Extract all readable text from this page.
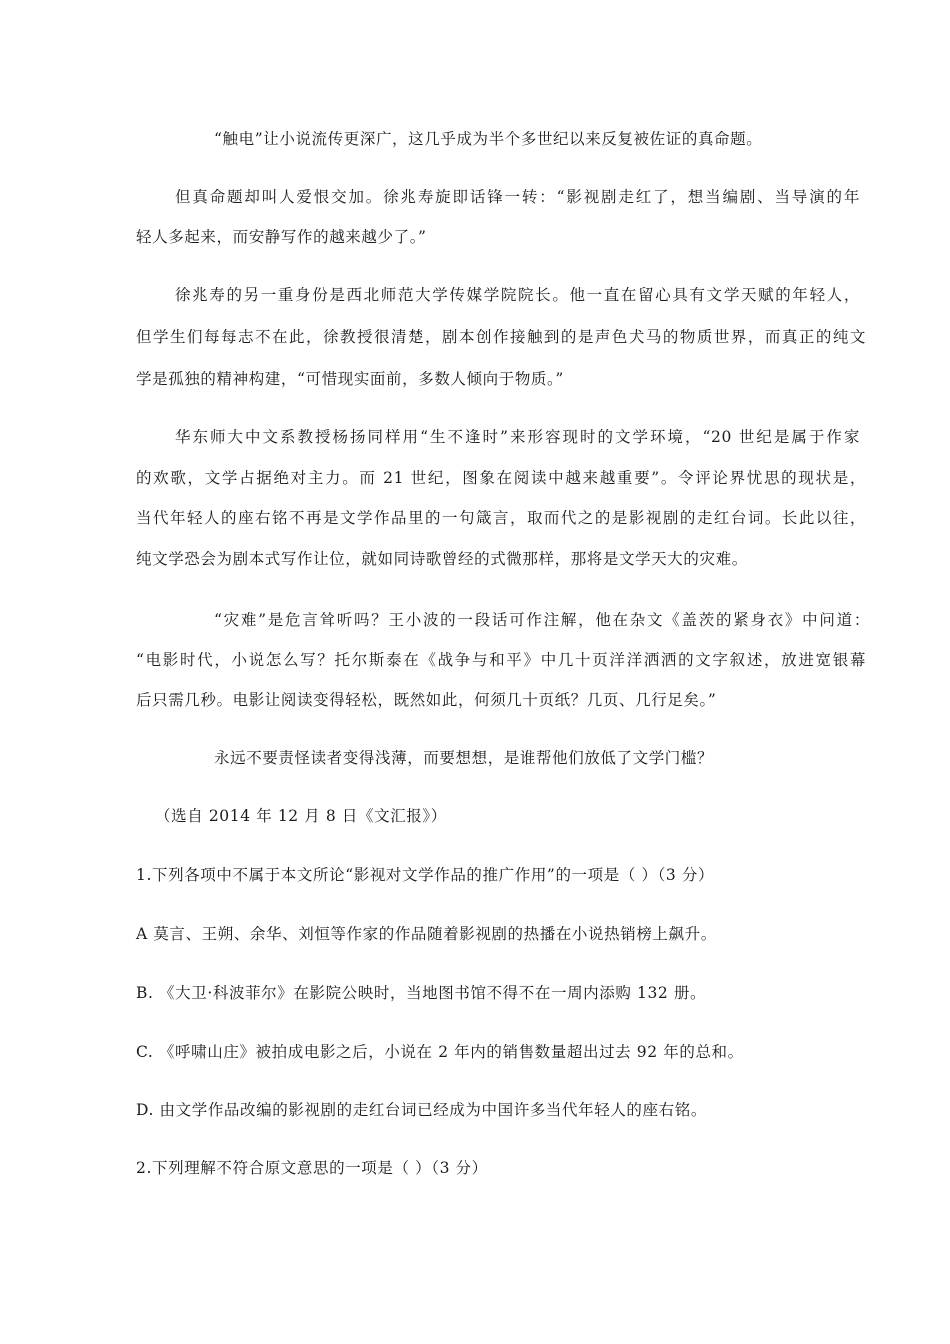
“触电”让小说流传更深广，这几乎成为半个多世纪以来反复被佐证的真命题。
但真命题却叫人爱恨交加。徐兆寿旋即话锋一转：“影视剧走红了，想当编剧、当导演的年
轻人多起来，而安静写作的越来越少了。”
徐兆寿的另一重身份是西北师范大学传媒学院院长。他一直在留心具有文学天赋的年轻人，
但学生们每每志不在此，徐教授很清楚，剧本创作接触到的是声色犬马的物质世界，而真正的纯文
学是孤独的精神构建，“可惜现实面前，多数人倾向于物质。”
华东师大中文系教授杨扬同样用“生不逢时”来形容现时的文学环境，“20 世纪是属于作家
的欢歌，文学占据绝对主力。而 21 世纪，图象在阅读中越来越重要”。令评论界忧思的现状是，
当代年轻人的座右铭不再是文学作品里的一句箴言，取而代之的是影视剧的走红台词。长此以往，
纯文学恐会为剧本式写作让位，就如同诗歌曾经的式微那样，那将是文学天大的灾难。
“灾难”是危言耸听吗？王小波的一段话可作注解，他在杂文《盖茨的紧身衣》中问道：
“电影时代，小说怎么写？托尔斯泰在《战争与和平》中几十页洋洋洒洒的文字叙述，放进宽银幕
后只需几秒。电影让阅读变得轻松，既然如此，何须几十页纸？几页、几行足矣。”
永远不要责怪读者变得浅薄，而要想想，是谁帮他们放低了文学门槛？
（选自 2014 年 12 月 8 日《文汇报》）
1.下列各项中不属于本文所论“影视对文学作品的推广作用”的一项是（ ）（3 分）
A 莫言、王朔、余华、刘恒等作家的作品随着影视剧的热播在小说热销榜上飙升。
B. 《大卫·科波菲尔》在影院公映时，当地图书馆不得不在一周内添购 132 册。
C. 《呼啸山庄》被拍成电影之后，小说在 2 年内的销售数量超出过去 92 年的总和。
D. 由文学作品改编的影视剧的走红台词已经成为中国许多当代年轻人的座右铭。
2.下列理解不符合原文意思的一项是（ ）（3 分）
